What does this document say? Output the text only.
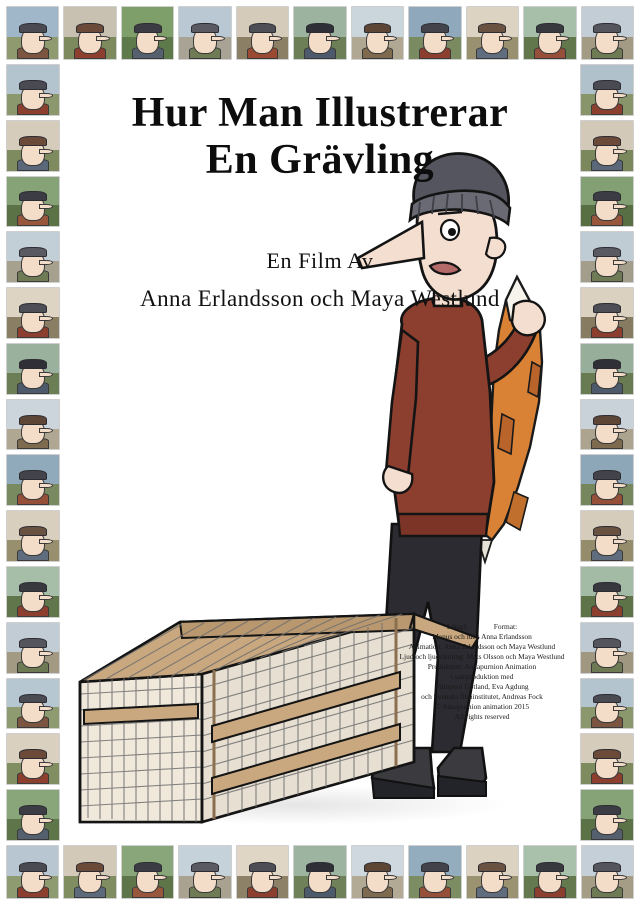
Hur Man Illustrerar
En Grävling
En Film Av
Anna Erlandsson och Maya Westlund
Längd:	Format:
Manus och idé : Anna Erlandsson
Animation: Anna Erlandsson och Maya Westlund
Ljud och ljudsättning: Mats Olsson och Maya Westlund
Produktion: Annapurnion Animation
i samproduktion med
Filmpool Gotland, Eva Agdung
och Svenska filminstitutet, Andreas Fock
© Annapurnion animation 2015
All rights reserved
